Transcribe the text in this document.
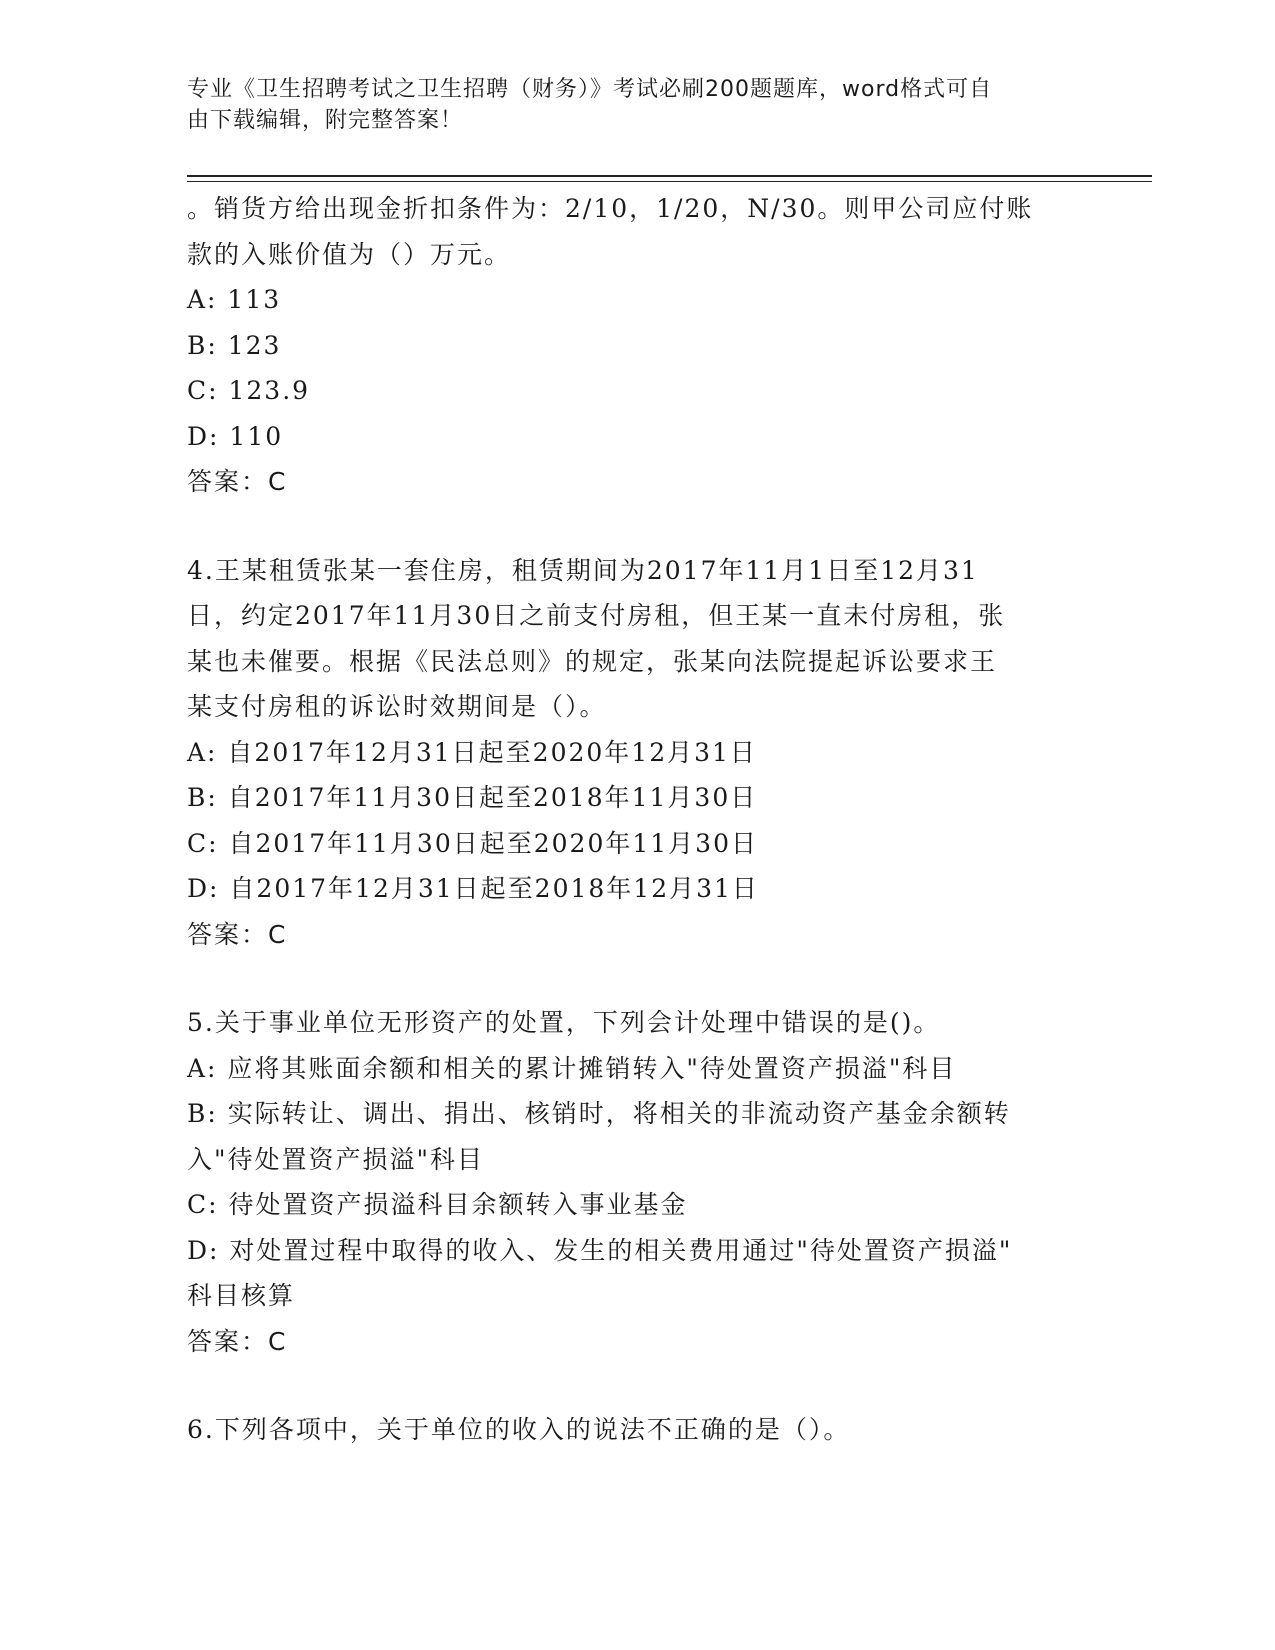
专业《卫生招聘考试之卫生招聘（财务）》考试必刷200题题库，word格式可自
由下载编辑，附完整答案！
。销货方给出现金折扣条件为：2/10，1/20，N/30。则甲公司应付账
款的入账价值为（）万元。
A: 113
B: 123
C: 123.9
D: 110
答案：C
4.王某租赁张某一套住房，租赁期间为2017年11月1日至12月31
日，约定2017年11月30日之前支付房租，但王某一直未付房租，张
某也未催要。根据《民法总则》的规定，张某向法院提起诉讼要求王
某支付房租的诉讼时效期间是（）。
A: 自2017年12月31日起至2020年12月31日
B: 自2017年11月30日起至2018年11月30日
C: 自2017年11月30日起至2020年11月30日
D: 自2017年12月31日起至2018年12月31日
答案：C
5.关于事业单位无形资产的处置，下列会计处理中错误的是()。
A: 应将其账面余额和相关的累计摊销转入"待处置资产损溢"科目
B: 实际转让、调出、捐出、核销时，将相关的非流动资产基金余额转
入"待处置资产损溢"科目
C: 待处置资产损溢科目余额转入事业基金
D: 对处置过程中取得的收入、发生的相关费用通过"待处置资产损溢"
科目核算
答案：C
6.下列各项中，关于单位的收入的说法不正确的是（）。
